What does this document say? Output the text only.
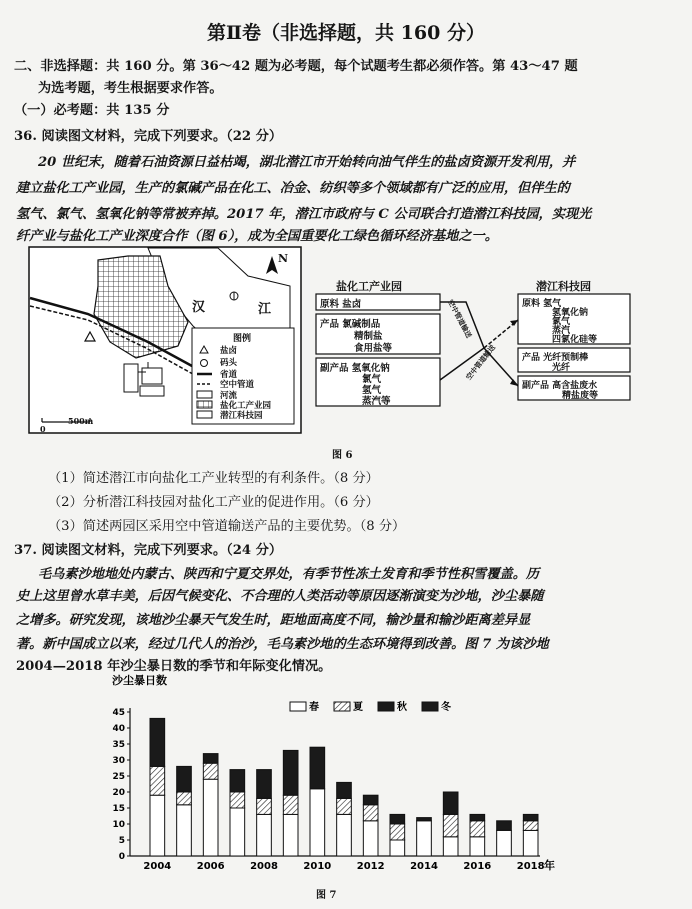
第Ⅱ卷（非选择题，共 160 分）
二、非选择题：共 160 分。第 36～42 题为必考题，每个试题考生都必须作答。第 43～47 题
为选考题，考生根据要求作答。
（一）必考题：共 135 分
36. 阅读图文材料，完成下列要求。（22 分）
20 世纪末，随着石油资源日益枯竭，湖北潜江市开始转向油气伴生的盐卤资源开发利用，并
建立盐化工产业园，生产的氯碱产品在化工、冶金、纺织等多个领域都有广泛的应用，但伴生的
氢气、氯气、氢氧化钠等常被弃掉。2017 年，潜江市政府与 C 公司联合打造潜江科技园，实现光
纤产业与盐化工产业深度合作（图 6），成为全国重要化工绿色循环经济基地之一。
汉	江
N
图例
盐卤
码头
省道
空中管道
河流
盐化工产业园
潜江科技园
0
500m
盐化工产业园
原料 盐卤
产品 氯碱制品
精制盐
食用盐等
副产品 氢氧化钠
氯气
氢气
蒸汽等
潜江科技园
原料 氢气
氢氧化钠
氯气
蒸汽
四氯化硅等
产品 光纤预制棒
光纤
副产品 高含盐废水
精盐废等
空中管道输送
空中管道输送
图 6
（1）简述潜江市向盐化工产业转型的有利条件。（8 分）
（2）分析潜江科技园对盐化工产业的促进作用。（6 分）
（3）简述两园区采用空中管道输送产品的主要优势。（8 分）
37. 阅读图文材料，完成下列要求。（24 分）
毛乌素沙地地处内蒙古、陕西和宁夏交界处，有季节性冻土发育和季节性积雪覆盖。历
史上这里曾水草丰美，后因气候变化、不合理的人类活动等原因逐渐演变为沙地，沙尘暴随
之增多。研究发现，该地沙尘暴天气发生时，距地面高度不同，输沙量和输沙距离差异显
著。新中国成立以来，经过几代人的治沙，毛乌素沙地的生态环境得到改善。图 7 为该沙地
2004—2018 年沙尘暴日数的季节和年际变化情况。
0
5
10
15
20
25
30
35
40
45
沙尘暴日数
2004	2006	2008	2010	2012	2014	2016	2018 年
春	夏	秋	冬
图 7
